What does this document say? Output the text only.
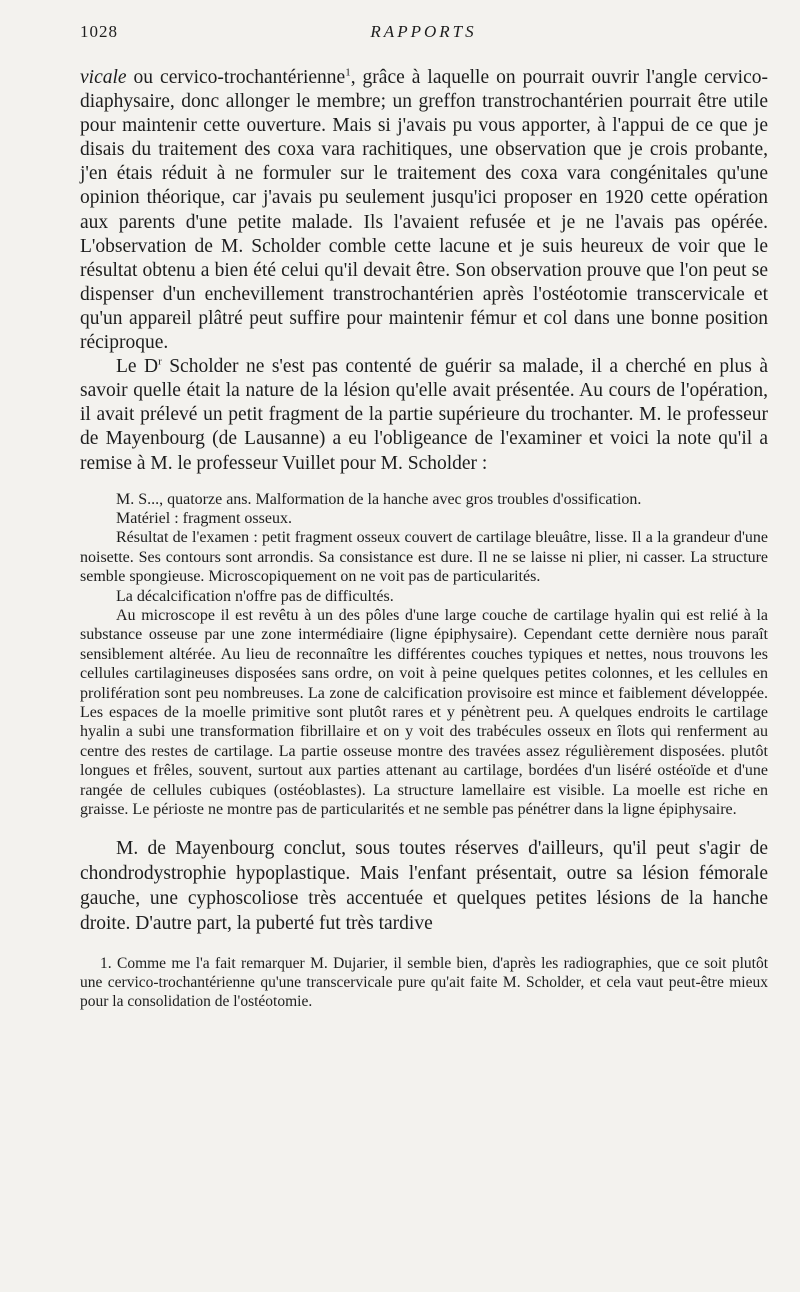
1028	RAPPORTS

vicale ou cervico-trochantérienne$^1$, grâce à laquelle on pourrait ouvrir l'angle cervico-diaphysaire, donc allonger le membre; un greffon transtrochantérien pourrait être utile pour maintenir cette ouverture. Mais si j'avais pu vous apporter, à l'appui de ce que je disais du traitement des coxa vara rachitiques, une observation que je crois probante, j'en étais réduit à ne formuler sur le traitement des coxa vara congénitales qu'une opinion théorique, car j'avais pu seulement jusqu'ici proposer en 1920 cette opération aux parents d'une petite malade. Ils l'avaient refusée et je ne l'avais pas opérée. L'observation de M. Scholder comble cette lacune et je suis heureux de voir que le résultat obtenu a bien été celui qu'il devait être. Son observation prouve que l'on peut se dispenser d'un enchevillement transtrochantérien après l'ostéotomie transcervicale et qu'un appareil plâtré peut suffire pour maintenir fémur et col dans une bonne position réciproque.

Le $D^r$ Scholder ne s'est pas contenté de guérir sa malade, il a cherché en plus à savoir quelle était la nature de la lésion qu'elle avait présentée. Au cours de l'opération, il avait prélevé un petit fragment de la partie supérieure du trochanter. M. le professeur de Mayenbourg (de Lausanne) a eu l'obligeance de l'examiner et voici la note qu'il a remise à M. le professeur Vuillet pour M. Scholder :

M. S..., quatorze ans. Malformation de la hanche avec gros troubles d'ossification.

Matériel : fragment osseux.

Résultat de l'examen : petit fragment osseux couvert de cartilage bleuâtre, lisse. Il a la grandeur d'une noisette. Ses contours sont arrondis. Sa consistance est dure. Il ne se laisse ni plier, ni casser. La structure semble spongieuse. Microscopiquement on ne voit pas de particularités.

La décalcification n'offre pas de difficultés.

Au microscope il est revêtu à un des pôles d'une large couche de cartilage hyalin qui est relié à la substance osseuse par une zone intermédiaire (ligne épiphysaire). Cependant cette dernière nous paraît sensiblement altérée. Au lieu de reconnaître les différentes couches typiques et nettes, nous trouvons les cellules cartilagineuses disposées sans ordre, on voit à peine quelques petites colonnes, et les cellules en prolifération sont peu nombreuses. La zone de calcification provisoire est mince et faiblement développée. Les espaces de la moelle primitive sont plutôt rares et y pénètrent peu. A quelques endroits le cartilage hyalin a subi une transformation fibrillaire et on y voit des trabécules osseux en îlots qui renferment au centre des restes de cartilage. La partie osseuse montre des travées assez régulièrement disposées. plutôt longues et frêles, souvent, surtout aux parties attenant au cartilage, bordées d'un liséré ostéoïde et d'une rangée de cellules cubiques (ostéoblastes). La structure lamellaire est visible. La moelle est riche en graisse. Le périoste ne montre pas de particularités et ne semble pas pénétrer dans la ligne épiphysaire.

M. de Mayenbourg conclut, sous toutes réserves d'ailleurs, qu'il peut s'agir de chondrodystrophie hypoplastique. Mais l'enfant présentait, outre sa lésion fémorale gauche, une cyphoscoliose très accentuée et quelques petites lésions de la hanche droite. D'autre part, la puberté fut très tardive

1. Comme me l'a fait remarquer M. Dujarier, il semble bien, d'après les radiographies, que ce soit plutôt une cervico-trochantérienne qu'une transcervicale pure qu'ait faite M. Scholder, et cela vaut peut-être mieux pour la consolidation de l'ostéotomie.
